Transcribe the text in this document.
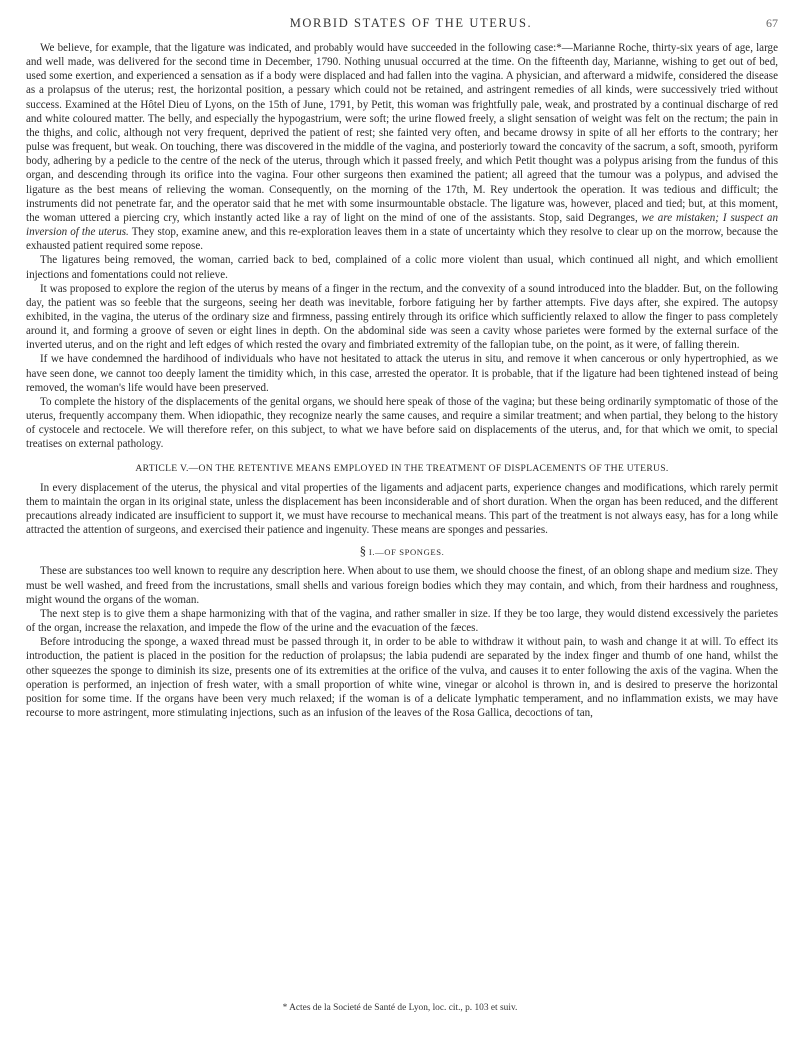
MORBID STATES OF THE UTERUS.	67

We believe, for example, that the ligature was indicated, and probably would have succeeded in the following case:*—Marianne Roche, thirty-six years of age, large and well made, was delivered for the second time in December, 1790. Nothing unusual occurred at the time. On the fifteenth day, Marianne, wishing to get out of bed, used some exertion, and experienced a sensation as if a body were displaced and had fallen into the vagina. A physician, and afterward a midwife, considered the disease as a prolapsus of the uterus; rest, the horizontal position, a pessary which could not be retained, and astringent remedies of all kinds, were successively tried without success. Examined at the Hôtel Dieu of Lyons, on the 15th of June, 1791, by Petit, this woman was frightfully pale, weak, and prostrated by a continual discharge of red and white coloured matter. The belly, and especially the hypogastrium, were soft; the urine flowed freely, a slight sensation of weight was felt on the rectum; the pain in the thighs, and colic, although not very frequent, deprived the patient of rest; she fainted very often, and became drowsy in spite of all her efforts to the contrary; her pulse was frequent, but weak. On touching, there was discovered in the middle of the vagina, and posteriorly toward the concavity of the sacrum, a soft, smooth, pyriform body, adhering by a pedicle to the centre of the neck of the uterus, through which it passed freely, and which Petit thought was a polypus arising from the fundus of this organ, and descending through its orifice into the vagina. Four other surgeons then examined the patient; all agreed that the tumour was a polypus, and advised the ligature as the best means of relieving the woman. Consequently, on the morning of the 17th, M. Rey undertook the operation. It was tedious and difficult; the instruments did not penetrate far, and the operator said that he met with some insurmountable obstacle. The ligature was, however, placed and tied; but, at this moment, the woman uttered a piercing cry, which instantly acted like a ray of light on the mind of one of the assistants. Stop, said Degranges, we are mistaken; I suspect an inversion of the uterus. They stop, examine anew, and this re-exploration leaves them in a state of uncertainty which they resolve to clear up on the morrow, because the exhausted patient required some repose.

The ligatures being removed, the woman, carried back to bed, complained of a colic more violent than usual, which continued all night, and which emollient injections and fomentations could not relieve.

It was proposed to explore the region of the uterus by means of a finger in the rectum, and the convexity of a sound introduced into the bladder. But, on the following day, the patient was so feeble that the surgeons, seeing her death was inevitable, forbore fatiguing her by farther attempts. Five days after, she expired. The autopsy exhibited, in the vagina, the uterus of the ordinary size and firmness, passing entirely through its orifice which sufficiently relaxed to allow the finger to pass completely around it, and forming a groove of seven or eight lines in depth. On the abdominal side was seen a cavity whose parietes were formed by the external surface of the inverted uterus, and on the right and left edges of which rested the ovary and fimbriated extremity of the fallopian tube, on the point, as it were, of falling therein.

If we have condemned the hardihood of individuals who have not hesitated to attack the uterus in situ, and remove it when cancerous or only hypertrophied, as we have seen done, we cannot too deeply lament the timidity which, in this case, arrested the operator. It is probable, that if the ligature had been tightened instead of being removed, the woman's life would have been preserved.

To complete the history of the displacements of the genital organs, we should here speak of those of the vagina; but these being ordinarily symptomatic of those of the uterus, frequently accompany them. When idiopathic, they recognize nearly the same causes, and require a similar treatment; and when partial, they belong to the history of cystocele and rectocele. We will therefore refer, on this subject, to what we have before said on displacements of the uterus, and, for that which we omit, to special treatises on external pathology.

ARTICLE V.—ON THE RETENTIVE MEANS EMPLOYED IN THE TREATMENT OF DISPLACEMENTS OF THE UTERUS.

In every displacement of the uterus, the physical and vital properties of the ligaments and adjacent parts, experience changes and modifications, which rarely permit them to maintain the organ in its original state, unless the displacement has been inconsiderable and of short duration. When the organ has been reduced, and the different precautions already indicated are insufficient to support it, we must have recourse to mechanical means. This part of the treatment is not always easy, has for a long while attracted the attention of surgeons, and exercised their patience and ingenuity. These means are sponges and pessaries.

§ I.—OF SPONGES.

These are substances too well known to require any description here. When about to use them, we should choose the finest, of an oblong shape and medium size. They must be well washed, and freed from the incrustations, small shells and various foreign bodies which they may contain, and which, from their hardness and roughness, might wound the organs of the woman.

The next step is to give them a shape harmonizing with that of the vagina, and rather smaller in size. If they be too large, they would distend excessively the parietes of the organ, increase the relaxation, and impede the flow of the urine and the evacuation of the fæces.

Before introducing the sponge, a waxed thread must be passed through it, in order to be able to withdraw it without pain, to wash and change it at will. To effect its introduction, the patient is placed in the position for the reduction of prolapsus; the labia pudendi are separated by the index finger and thumb of one hand, whilst the other squeezes the sponge to diminish its size, presents one of its extremities at the orifice of the vulva, and causes it to enter following the axis of the vagina. When the operation is performed, an injection of fresh water, with a small proportion of white wine, vinegar or alcohol is thrown in, and is desired to preserve the horizontal position for some time. If the organs have been very much relaxed; if the woman is of a delicate lymphatic temperament, and no inflammation exists, we may have recourse to more astringent, more stimulating injections, such as an infusion of the leaves of the Rosa Gallica, decoctions of tan,

* Actes de la Societé de Santé de Lyon, loc. cit., p. 103 et suiv.
